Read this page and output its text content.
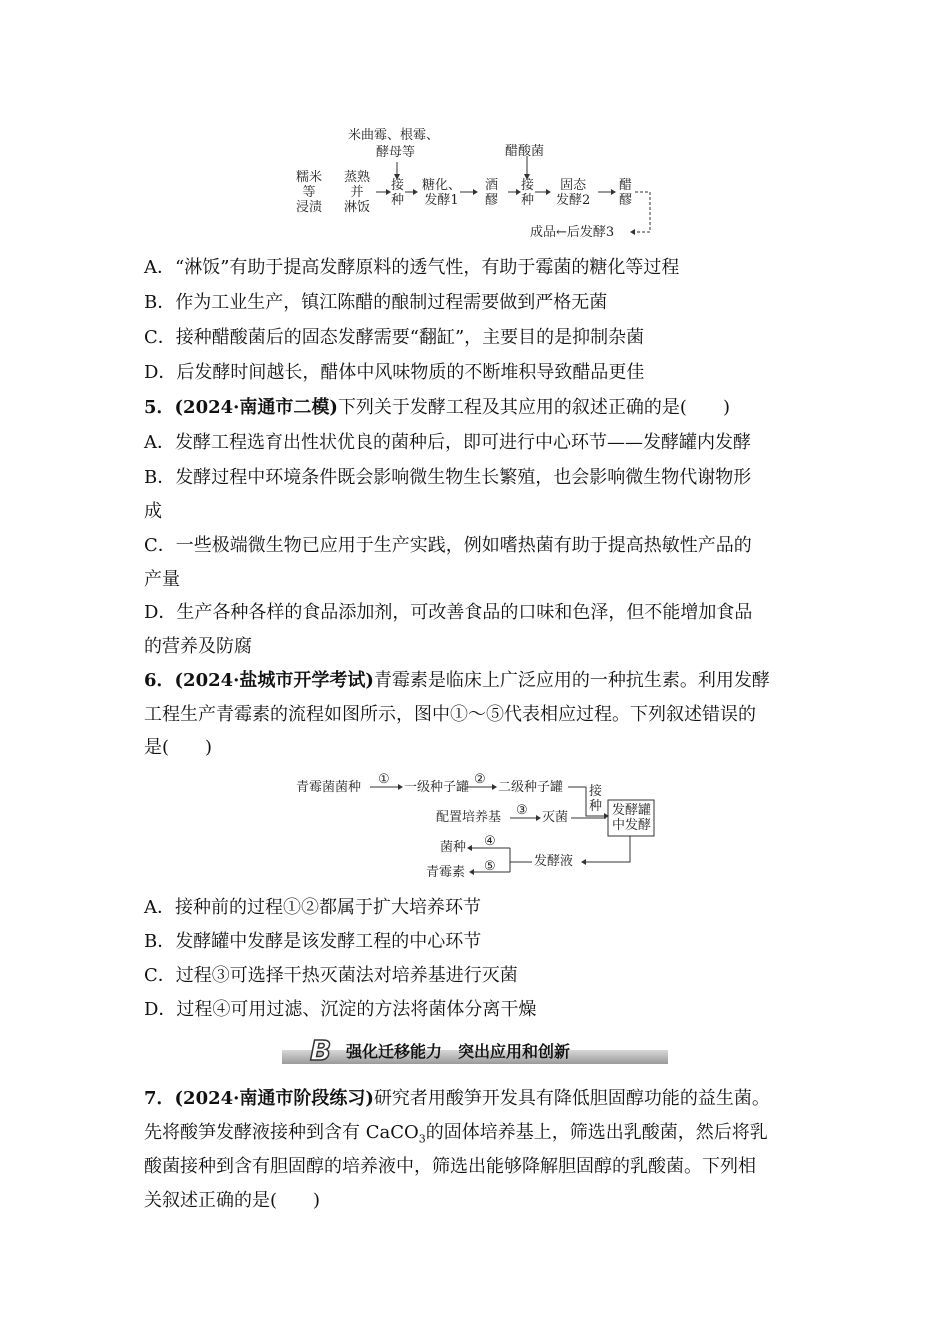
米曲霉、根霉、
酵母等	醋酸菌
糯米
等
浸渍
蒸熟
并
淋饭
接
种
糖化、
发酵1
酒
醪
接
种
固态
发酵2
醋
醪
成品←后发酵3
A．“淋饭”有助于提高发酵原料的透气性，有助于霉菌的糖化等过程
B．作为工业生产，镇江陈醋的酿制过程需要做到严格无菌
C．接种醋酸菌后的固态发酵需要“翻缸”，主要目的是抑制杂菌
D．后发酵时间越长，醋体中风味物质的不断堆积导致醋品更佳
5．(2024·南通市二模)下列关于发酵工程及其应用的叙述正确的是(　　)
A．发酵工程选育出性状优良的菌种后，即可进行中心环节——发酵罐内发酵
B．发酵过程中环境条件既会影响微生物生长繁殖，也会影响微生物代谢物形
成
C．一些极端微生物已应用于生产实践，例如嗜热菌有助于提高热敏性产品的
产量
D．生产各种各样的食品添加剂，可改善食品的口味和色泽，但不能增加食品
的营养及防腐
6．(2024·盐城市开学考试)青霉素是临床上广泛应用的一种抗生素。利用发酵
工程生产青霉素的流程如图所示，图中①～⑤代表相应过程。下列叙述错误的
是(　　)
青霉菌菌种
①
一级种子罐
②
二级种子罐 接
种
配置培养基 ③ 灭菌	发酵罐
中发酵
发酵液
④
菌种
⑤
青霉素
A．接种前的过程①②都属于扩大培养环节
B．发酵罐中发酵是该发酵工程的中心环节
C．过程③可选择干热灭菌法对培养基进行灭菌
D．过程④可用过滤、沉淀的方法将菌体分离干燥
B 强化迁移能力　突出应用和创新
7．(2024·南通市阶段练习)研究者用酸笋开发具有降低胆固醇功能的益生菌。
先将酸笋发酵液接种到含有 CaCO$_3$的固体培养基上，筛选出乳酸菌，然后将乳
酸菌接种到含有胆固醇的培养液中，筛选出能够降解胆固醇的乳酸菌。下列相
关叙述正确的是(　　)
